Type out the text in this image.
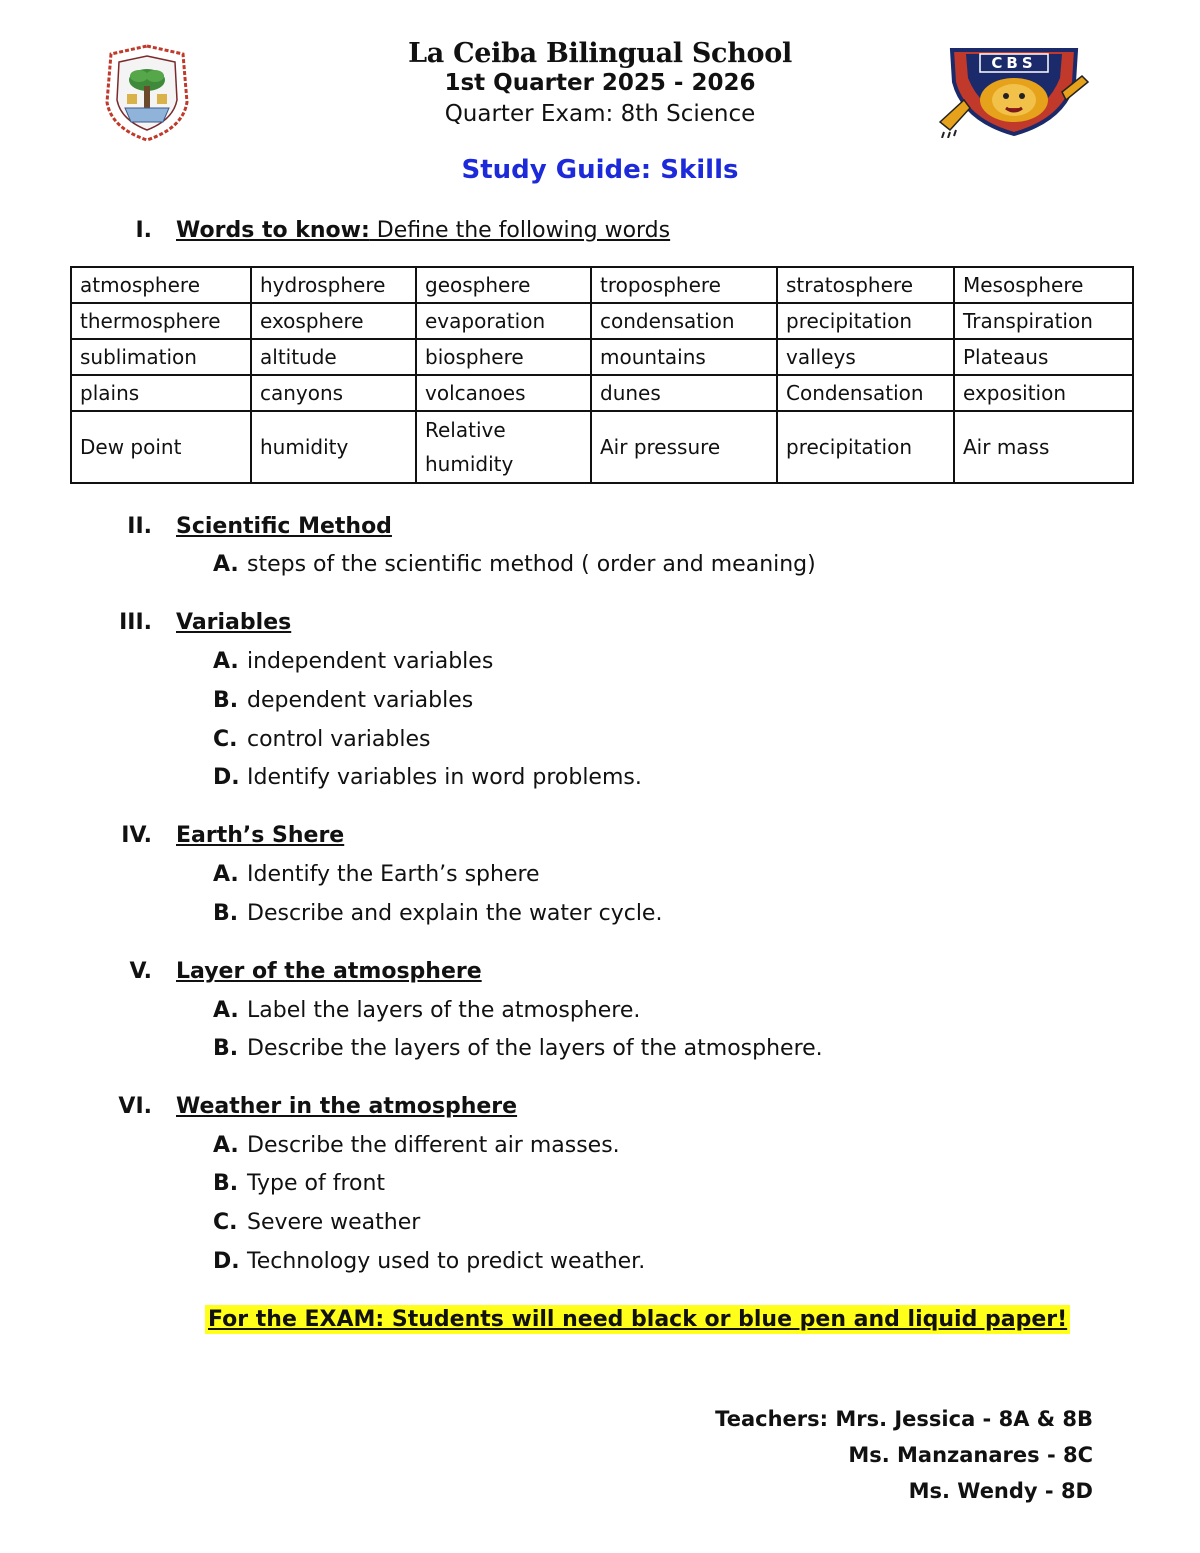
CBS
La Ceiba Bilingual School
1st Quarter 2025 - 2026
Quarter Exam: 8th Science
Study Guide: Skills
I. Words to know: Define the following words
atmosphere	hydrosphere	geosphere	troposphere	stratosphere	Mesosphere
thermosphere	exosphere	evaporation	condensation	precipitation	Transpiration
sublimation	altitude	biosphere	mountains	valleys	Plateaus
plains	canyons	volcanoes	dunes	Condensation	exposition
Dew point	humidity	Relative humidity	Air pressure	precipitation	Air mass
II. Scientific Method
A. steps of the scientific method ( order and meaning)
III. Variables
A. independent variables
B. dependent variables
C. control variables
D. Identify variables in word problems.
IV. Earth’s Shere
A. Identify the Earth’s sphere
B. Describe and explain the water cycle.
V. Layer of the atmosphere
A. Label the layers of the atmosphere.
B. Describe the layers of the layers of the atmosphere.
VI. Weather in the atmosphere
A. Describe the different air masses.
B. Type of front
C. Severe weather
D. Technology used to predict weather.
For the EXAM: Students will need black or blue pen and liquid paper!
Teachers: Mrs. Jessica - 8A & 8B
Ms. Manzanares - 8C
Ms. Wendy - 8D
